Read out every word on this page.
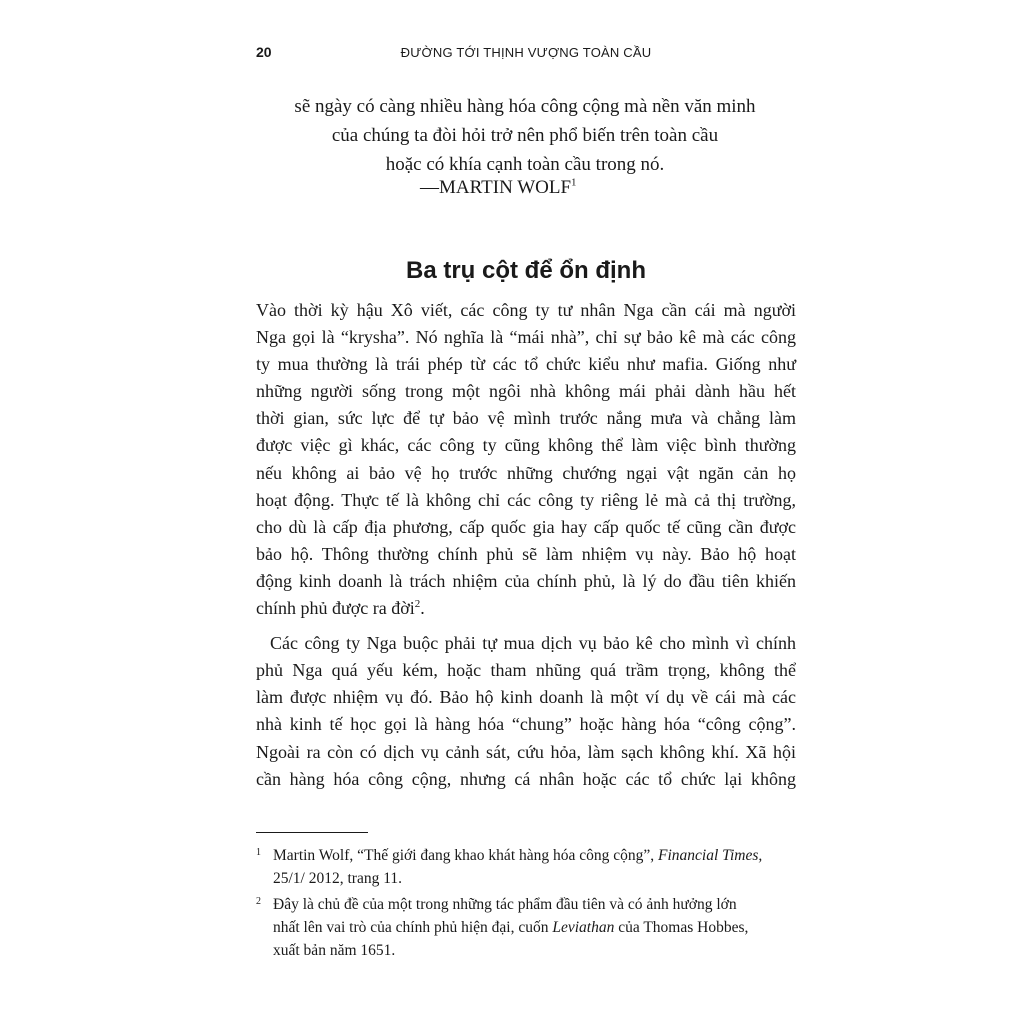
20	ĐƯỜNG TỚI THỊNH VƯỢNG TOÀN CẦU
sẽ ngày có càng nhiều hàng hóa công cộng mà nền văn minh
của chúng ta đòi hỏi trở nên phổ biến trên toàn cầu
hoặc có khía cạnh toàn cầu trong nó.
—MARTIN WOLF$^1$
Ba trụ cột để ổn định

Vào thời kỳ hậu Xô viết, các công ty tư nhân Nga cần cái mà người
Nga gọi là “krysha”. Nó nghĩa là “mái nhà”, chỉ sự bảo kê mà các công
ty mua thường là trái phép từ các tổ chức kiểu như mafia. Giống như
những người sống trong một ngôi nhà không mái phải dành hầu hết
thời gian, sức lực để tự bảo vệ mình trước nắng mưa và chẳng làm
được việc gì khác, các công ty cũng không thể làm việc bình thường
nếu không ai bảo vệ họ trước những chướng ngại vật ngăn cản họ
hoạt động. Thực tế là không chỉ các công ty riêng lẻ mà cả thị trường,
cho dù là cấp địa phương, cấp quốc gia hay cấp quốc tế cũng cần được
bảo hộ. Thông thường chính phủ sẽ làm nhiệm vụ này. Bảo hộ hoạt
động kinh doanh là trách nhiệm của chính phủ, là lý do đầu tiên khiến
chính phủ được ra đời$^2$.

Các công ty Nga buộc phải tự mua dịch vụ bảo kê cho mình vì chính
phủ Nga quá yếu kém, hoặc tham nhũng quá trầm trọng, không thể
làm được nhiệm vụ đó. Bảo hộ kinh doanh là một ví dụ về cái mà các
nhà kinh tế học gọi là hàng hóa “chung” hoặc hàng hóa “công cộng”.
Ngoài ra còn có dịch vụ cảnh sát, cứu hỏa, làm sạch không khí. Xã hội
cần hàng hóa công cộng, nhưng cá nhân hoặc các tổ chức lại không

1 Martin Wolf, “Thế giới đang khao khát hàng hóa công cộng”, Financial Times,
25/1/ 2012, trang 11.
2 Đây là chủ đề của một trong những tác phẩm đầu tiên và có ảnh hưởng lớn
nhất lên vai trò của chính phủ hiện đại, cuốn Leviathan của Thomas Hobbes,
xuất bản năm 1651.
